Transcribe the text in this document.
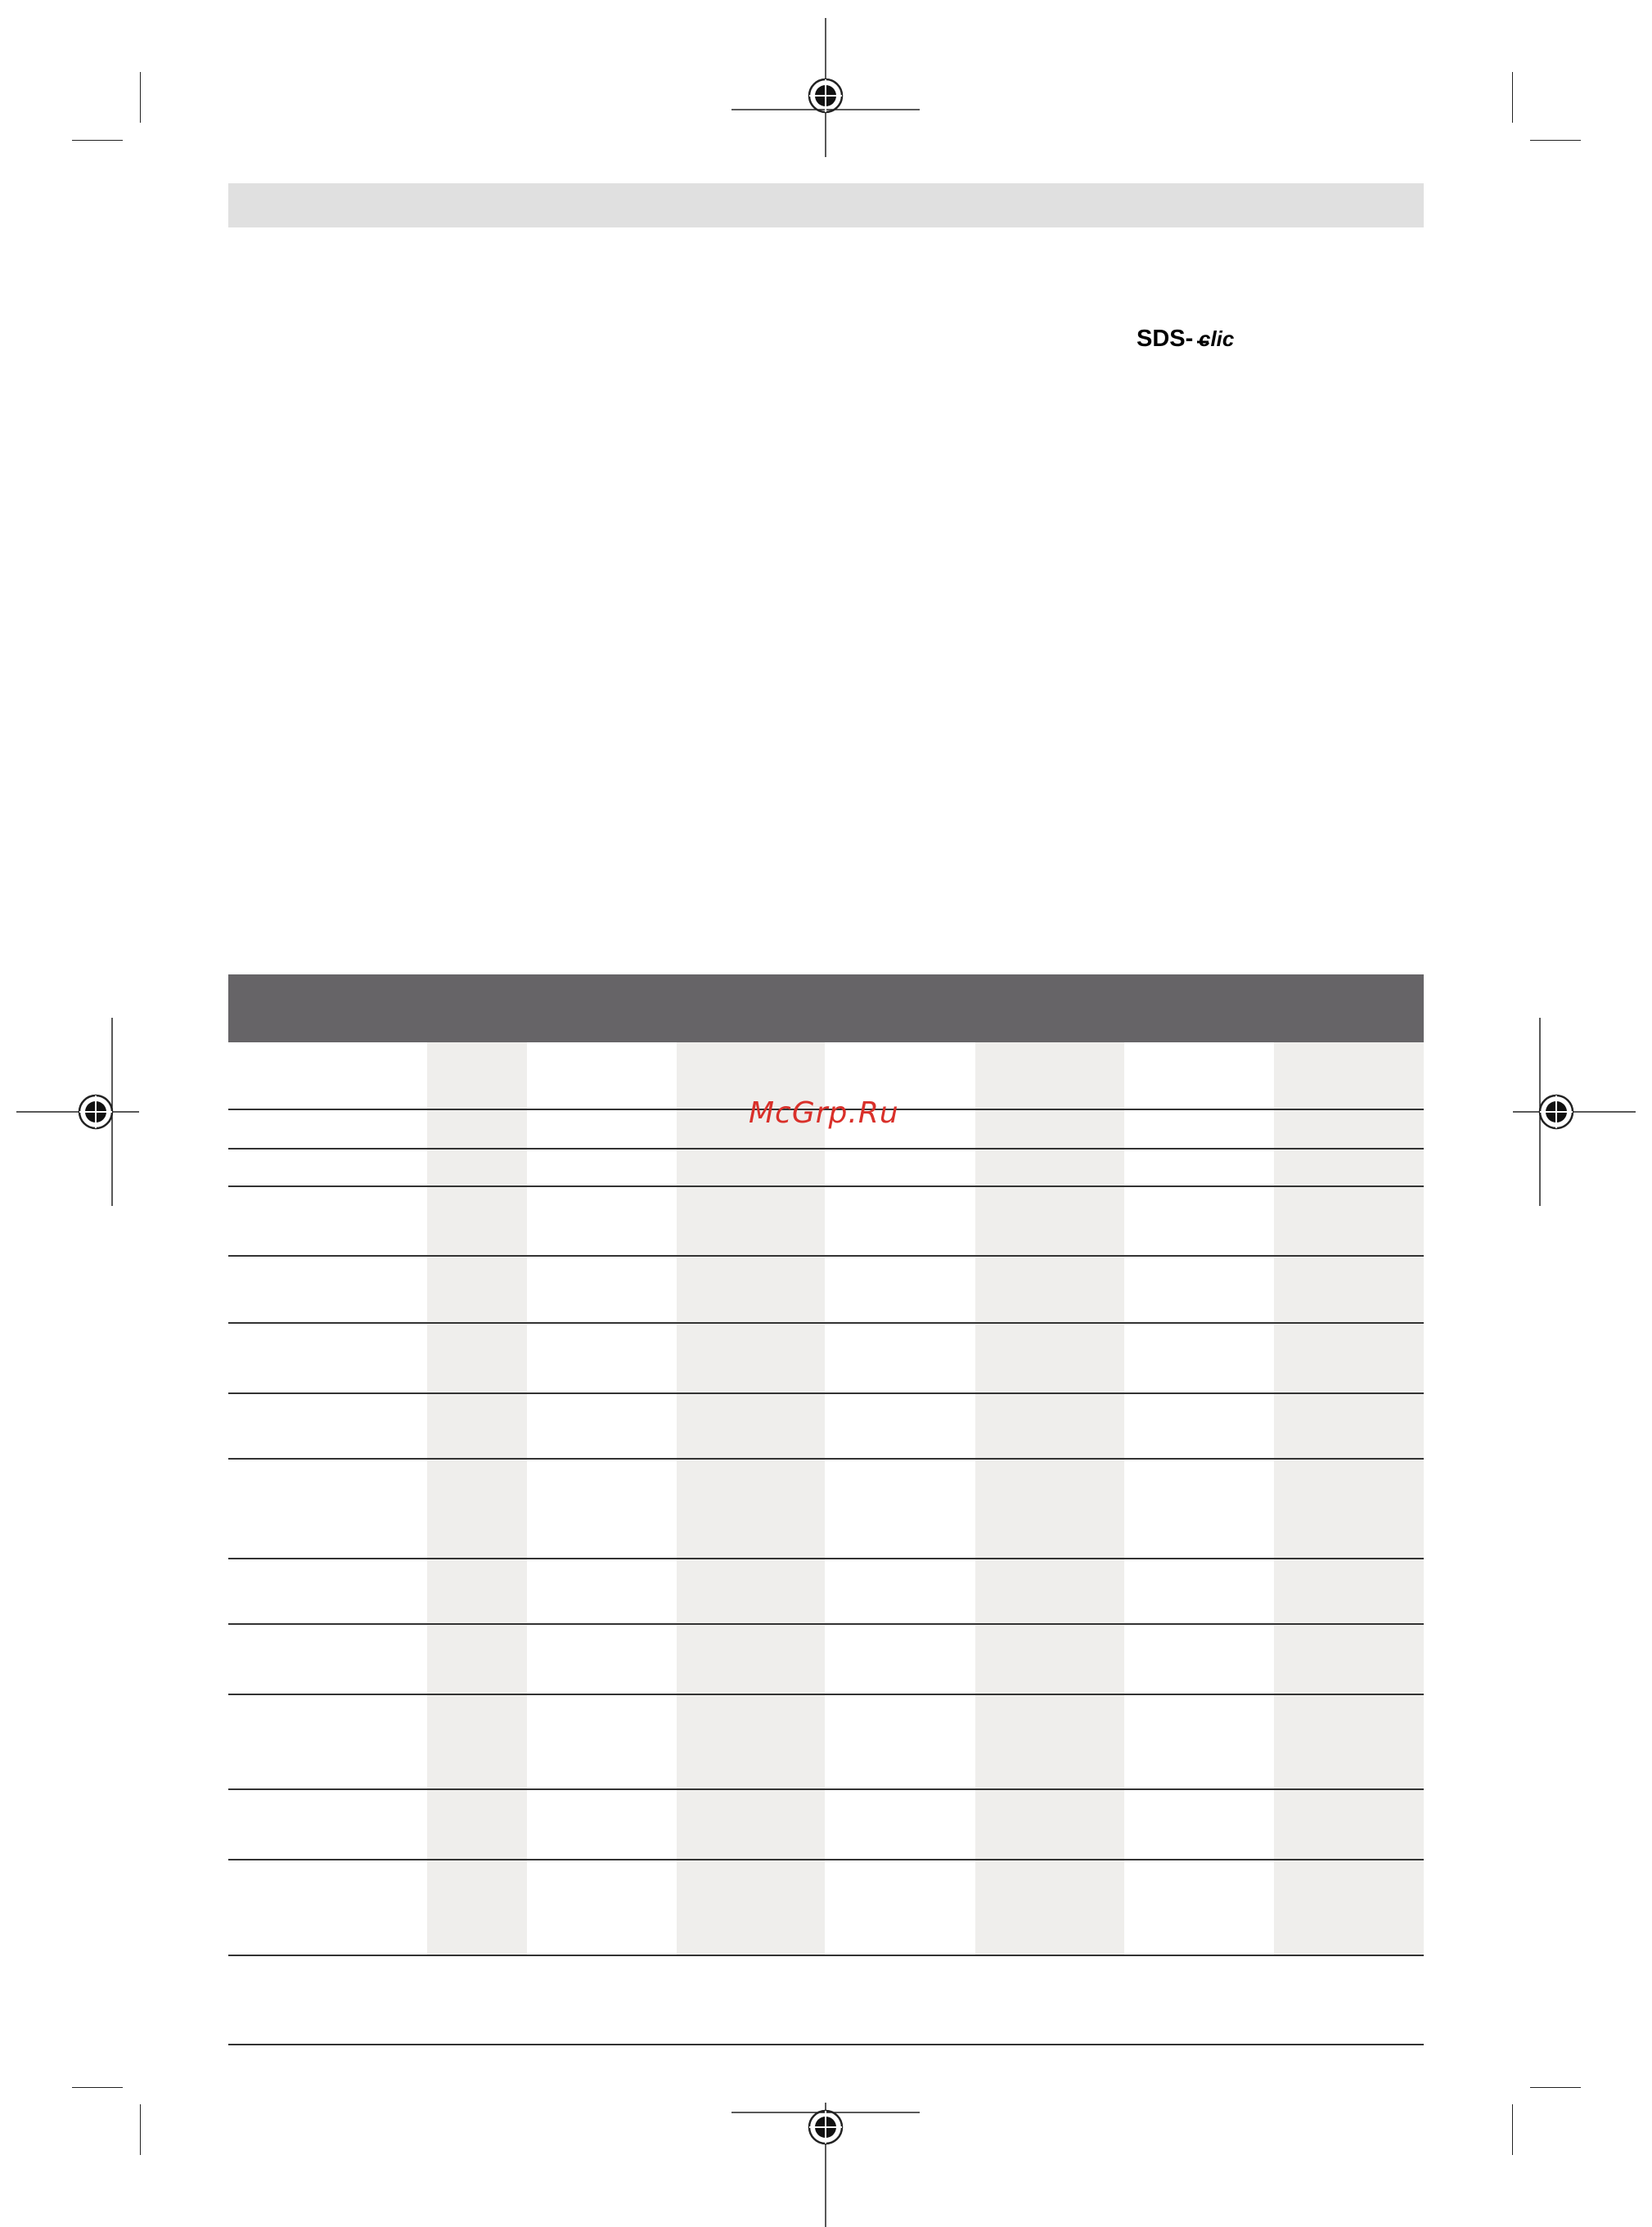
SDS- clic
McGrp.Ru
